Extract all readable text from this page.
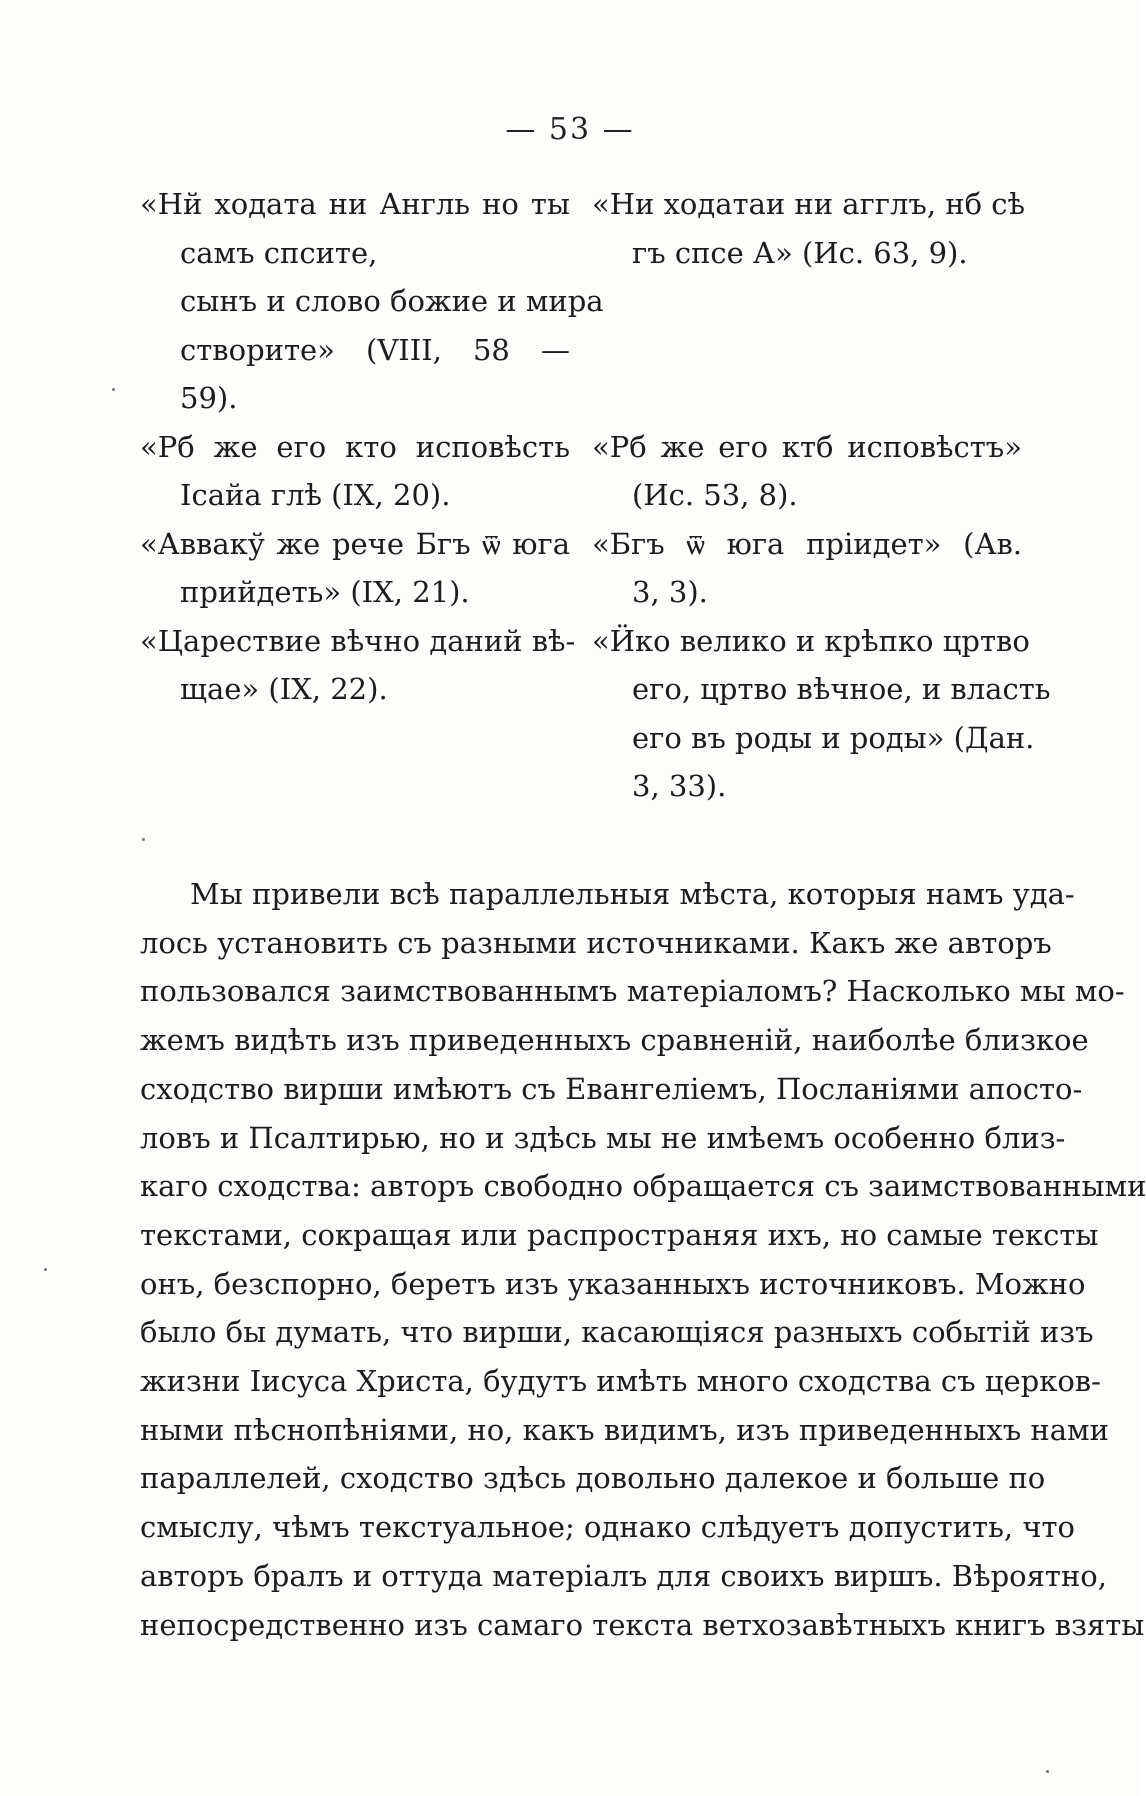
— 53 —
«Нй ходата ни Англь но ты
самъ спсите,
сынъ и слово божие и мира
створите» (VIII, 58 —
59).
«Рб же его кто исповѣсть
Ісайа глѣ (IX, 20).
«Аввакў же рече Бгъ ѿ юга
прийдеть» (IX, 21).
«Царествие вѣчно даний вѣ-
щае» (IX, 22).
«Ни ходатаи ни агглъ, нб сѣ
гъ спсе А» (Ис. 63, 9).
«Рб же его ктб исповѣстъ»
(Ис. 53, 8).
«Бгъ ѿ юга пріидет» (Ав.
3, 3).
«Ӥко велико и крѣпко цртво
его, цртво вѣчное, и власть
его въ роды и роды» (Дан.
3, 33).
Мы привели всѣ параллельныя мѣста, которыя намъ уда-
лось установить съ разными источниками. Какъ же авторъ
пользовался заимствованнымъ матеріаломъ? Насколько мы мо-
жемъ видѣть изъ приведенныхъ сравненій, наиболѣе близкое
сходство вирши имѣютъ съ Евангеліемъ, Посланіями апосто-
ловъ и Псалтирью, но и здѣсь мы не имѣемъ особенно близ-
каго сходства: авторъ свободно обращается съ заимствованными
текстами, сокращая или распространяя ихъ, но самые тексты
онъ, безспорно, беретъ изъ указанныхъ источниковъ. Можно
было бы думать, что вирши, касающіяся разныхъ событій изъ
жизни Іисуса Христа, будутъ имѣть много сходства съ церков-
ными пѣснопѣніями, но, какъ видимъ, изъ приведенныхъ нами
параллелей, сходство здѣсь довольно далекое и больше по
смыслу, чѣмъ текстуальное; однако слѣдуетъ допустить, что
авторъ бралъ и оттуда матеріалъ для своихъ виршъ. Вѣроятно,
непосредственно изъ самаго текста ветхозавѣтныхъ книгъ взяты
